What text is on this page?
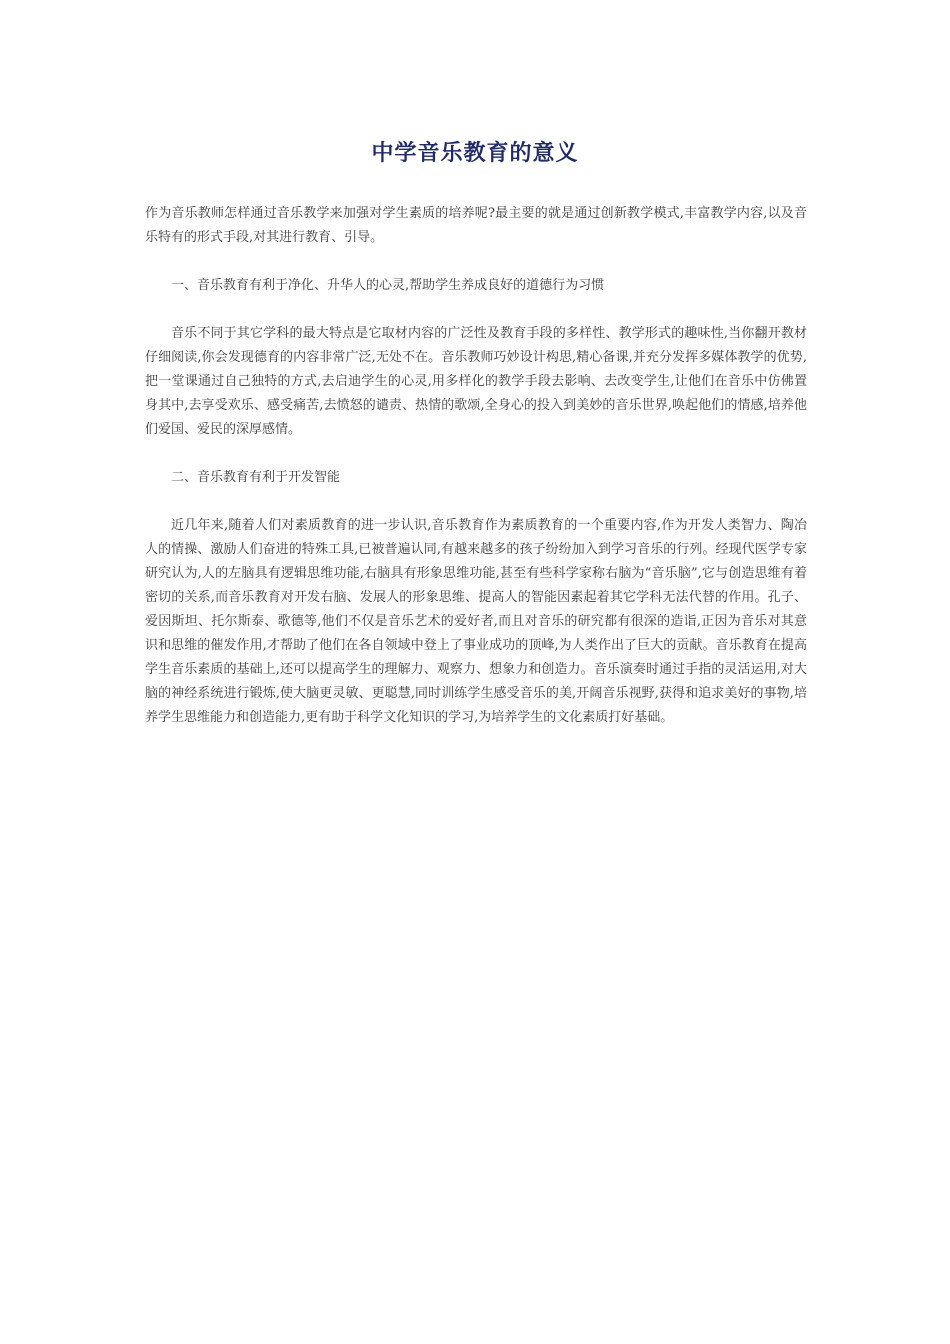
中学音乐教育的意义

作为音乐教师怎样通过音乐教学来加强对学生素质的培养呢?最主要的就是通过创新教学模式,丰富教学内容,以及音乐特有的形式手段,对其进行教育、引导。

一、音乐教育有利于净化、升华人的心灵,帮助学生养成良好的道德行为习惯

音乐不同于其它学科的最大特点是它取材内容的广泛性及教育手段的多样性、教学形式的趣味性,当你翻开教材仔细阅读,你会发现德育的内容非常广泛,无处不在。音乐教师巧妙设计构思,精心备课,并充分发挥多媒体教学的优势,把一堂课通过自己独特的方式,去启迪学生的心灵,用多样化的教学手段去影响、去改变学生,让他们在音乐中仿佛置身其中,去享受欢乐、感受痛苦,去愤怒的谴责、热情的歌颂,全身心的投入到美妙的音乐世界,唤起他们的情感,培养他们爱国、爱民的深厚感情。

二、音乐教育有利于开发智能

近几年来,随着人们对素质教育的进一步认识,音乐教育作为素质教育的一个重要内容,作为开发人类智力、陶冶人的情操、激励人们奋进的特殊工具,已被普遍认同,有越来越多的孩子纷纷加入到学习音乐的行列。经现代医学专家研究认为,人的左脑具有逻辑思维功能,右脑具有形象思维功能,甚至有些科学家称右脑为“音乐脑”,它与创造思维有着密切的关系,而音乐教育对开发右脑、发展人的形象思维、提高人的智能因素起着其它学科无法代替的作用。孔子、爱因斯坦、托尔斯泰、歌德等,他们不仅是音乐艺术的爱好者,而且对音乐的研究都有很深的造诣,正因为音乐对其意识和思维的催发作用,才帮助了他们在各自领域中登上了事业成功的顶峰,为人类作出了巨大的贡献。音乐教育在提高学生音乐素质的基础上,还可以提高学生的理解力、观察力、想象力和创造力。音乐演奏时通过手指的灵活运用,对大脑的神经系统进行锻炼,使大脑更灵敏、更聪慧,同时训练学生感受音乐的美,开阔音乐视野,获得和追求美好的事物,培养学生思维能力和创造能力,更有助于科学文化知识的学习,为培养学生的文化素质打好基础。
